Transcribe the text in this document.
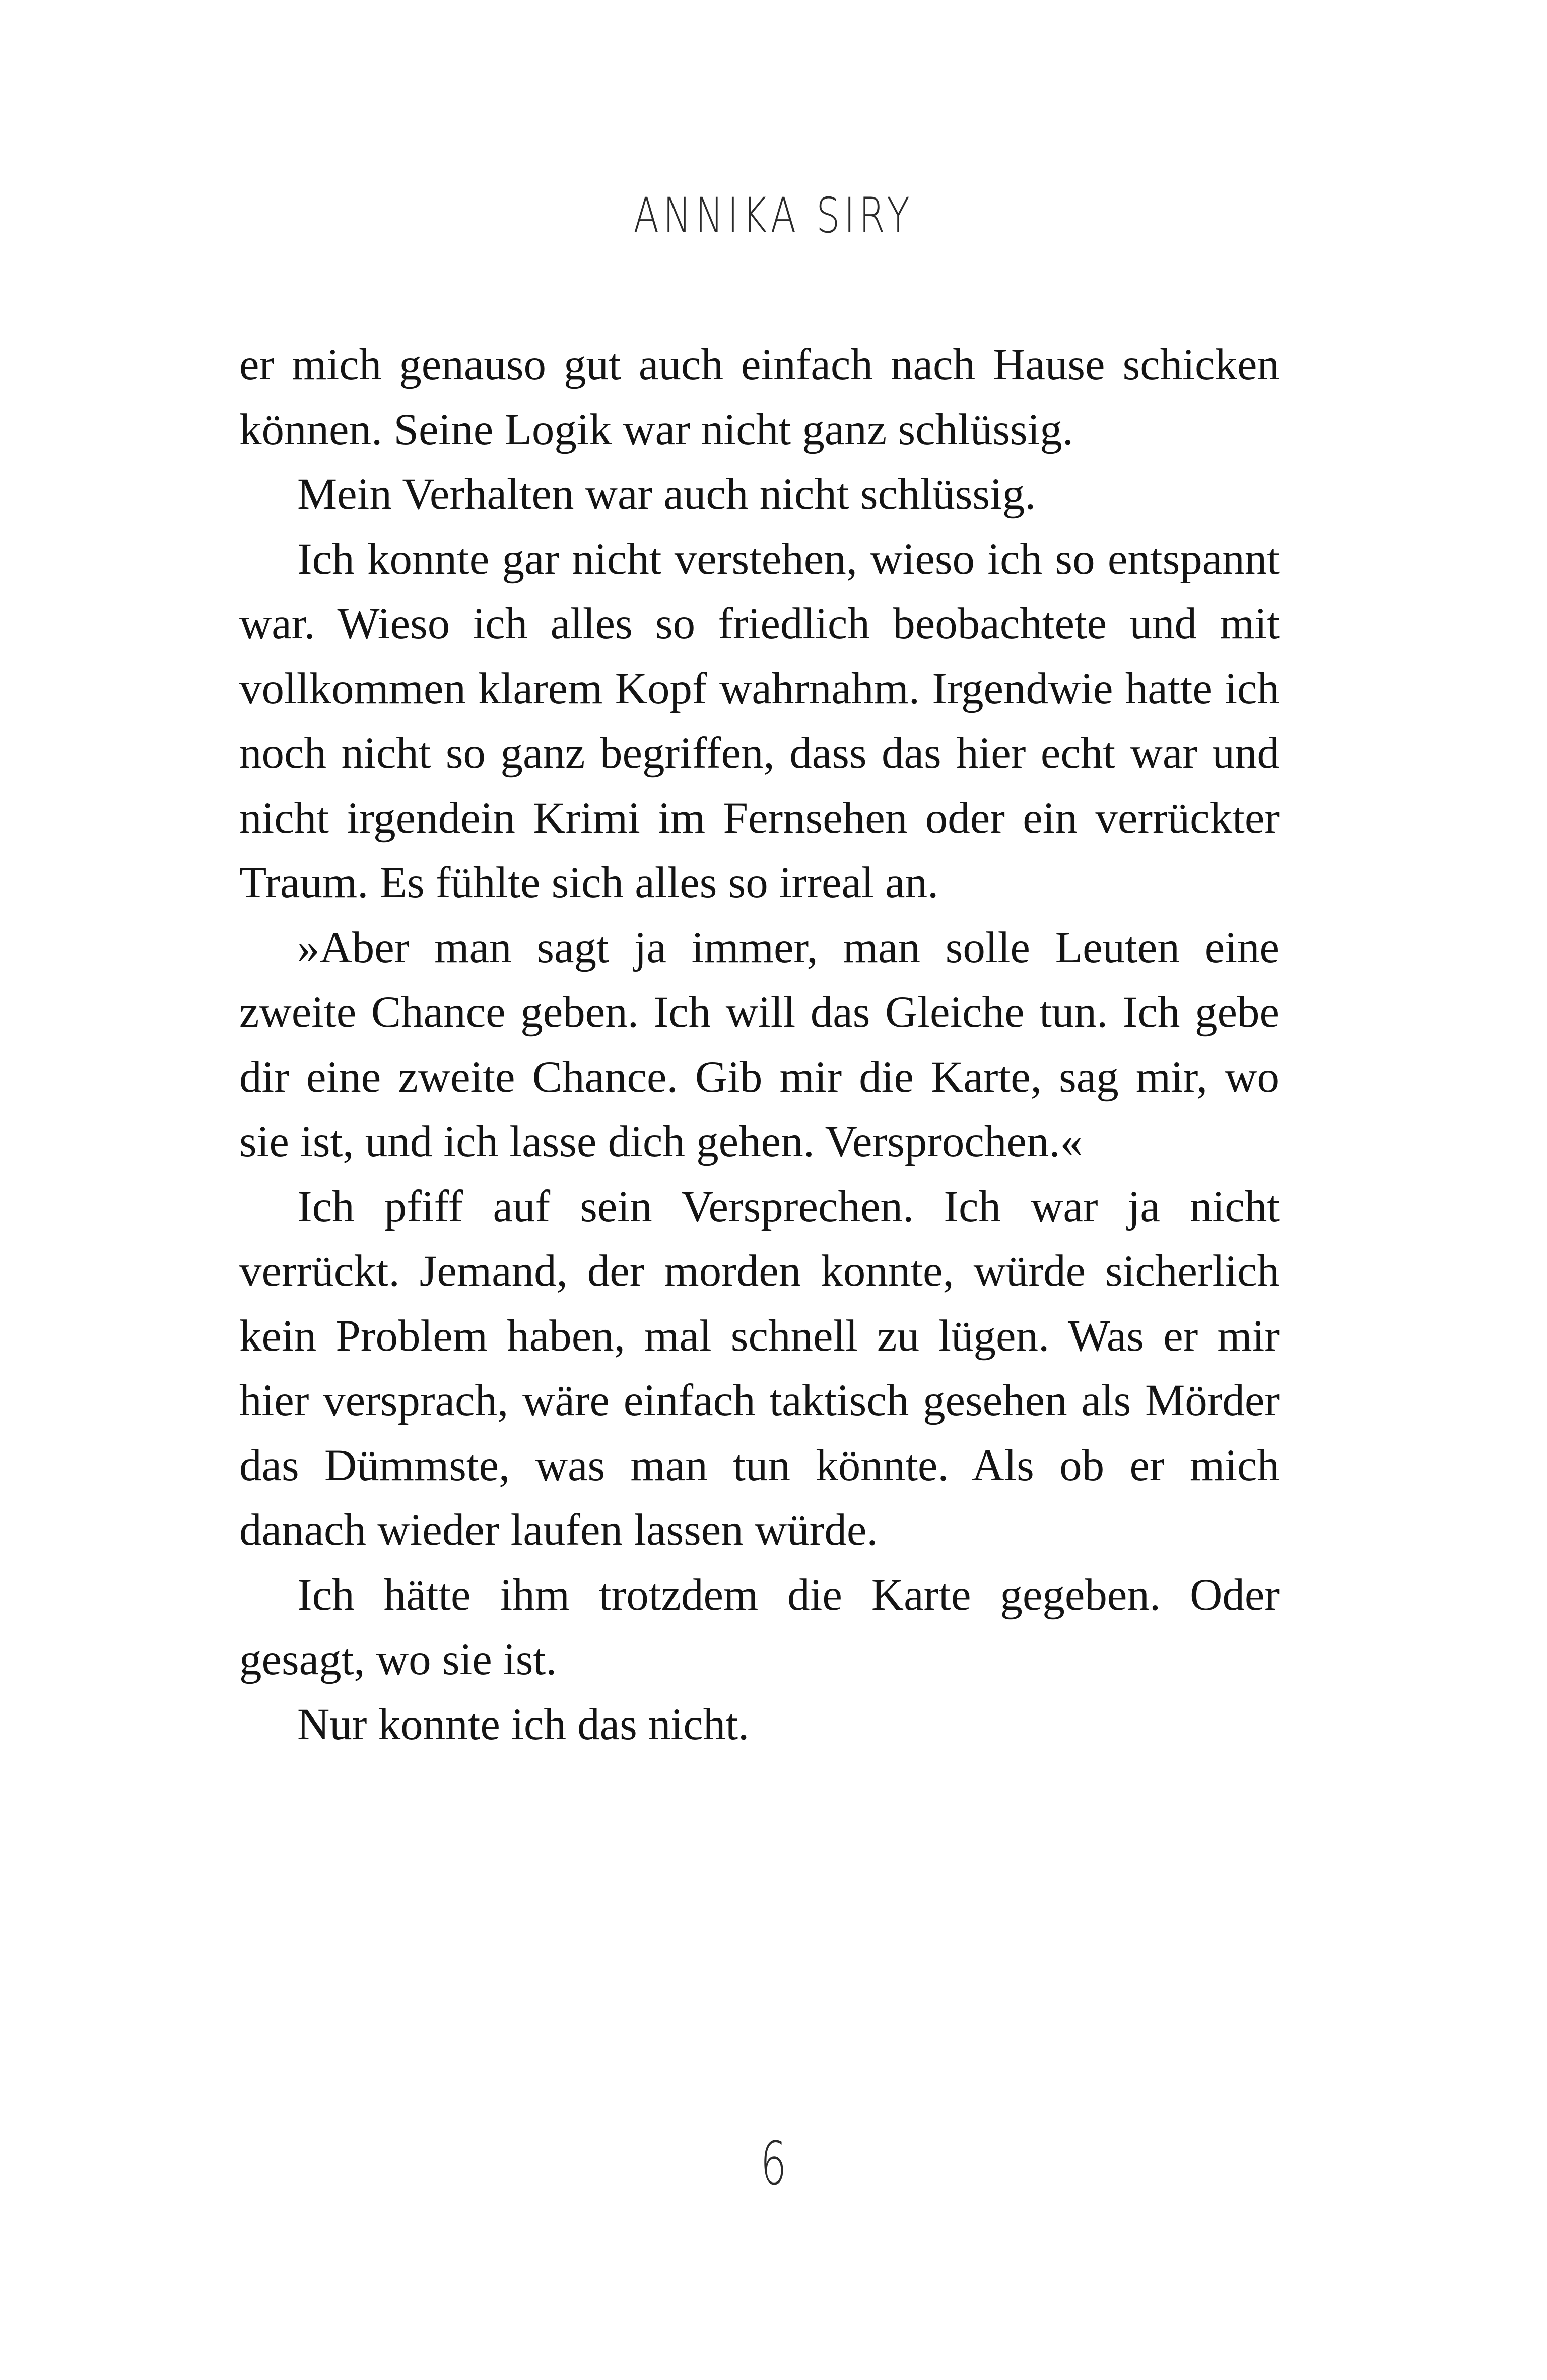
ANNIKA SIRY

er mich genauso gut auch einfach nach Hause schicken können. Seine Logik war nicht ganz schlüssig.

Mein Verhalten war auch nicht schlüssig.

Ich konnte gar nicht verstehen, wieso ich so entspannt war. Wieso ich alles so friedlich beobachtete und mit vollkommen klarem Kopf wahrnahm. Irgendwie hatte ich noch nicht so ganz begriffen, dass das hier echt war und nicht irgendein Krimi im Fernsehen oder ein verrückter Traum. Es fühlte sich alles so irreal an.

»Aber man sagt ja immer, man solle Leuten eine zweite Chance geben. Ich will das Gleiche tun. Ich gebe dir eine zweite Chance. Gib mir die Karte, sag mir, wo sie ist, und ich lasse dich gehen. Versprochen.«

Ich pfiff auf sein Versprechen. Ich war ja nicht verrückt. Jemand, der morden konnte, würde sicherlich kein Problem haben, mal schnell zu lügen. Was er mir hier versprach, wäre einfach taktisch gesehen als Mörder das Dümmste, was man tun könnte. Als ob er mich danach wieder laufen lassen würde.

Ich hätte ihm trotzdem die Karte gegeben. Oder gesagt, wo sie ist.

Nur konnte ich das nicht.

6
